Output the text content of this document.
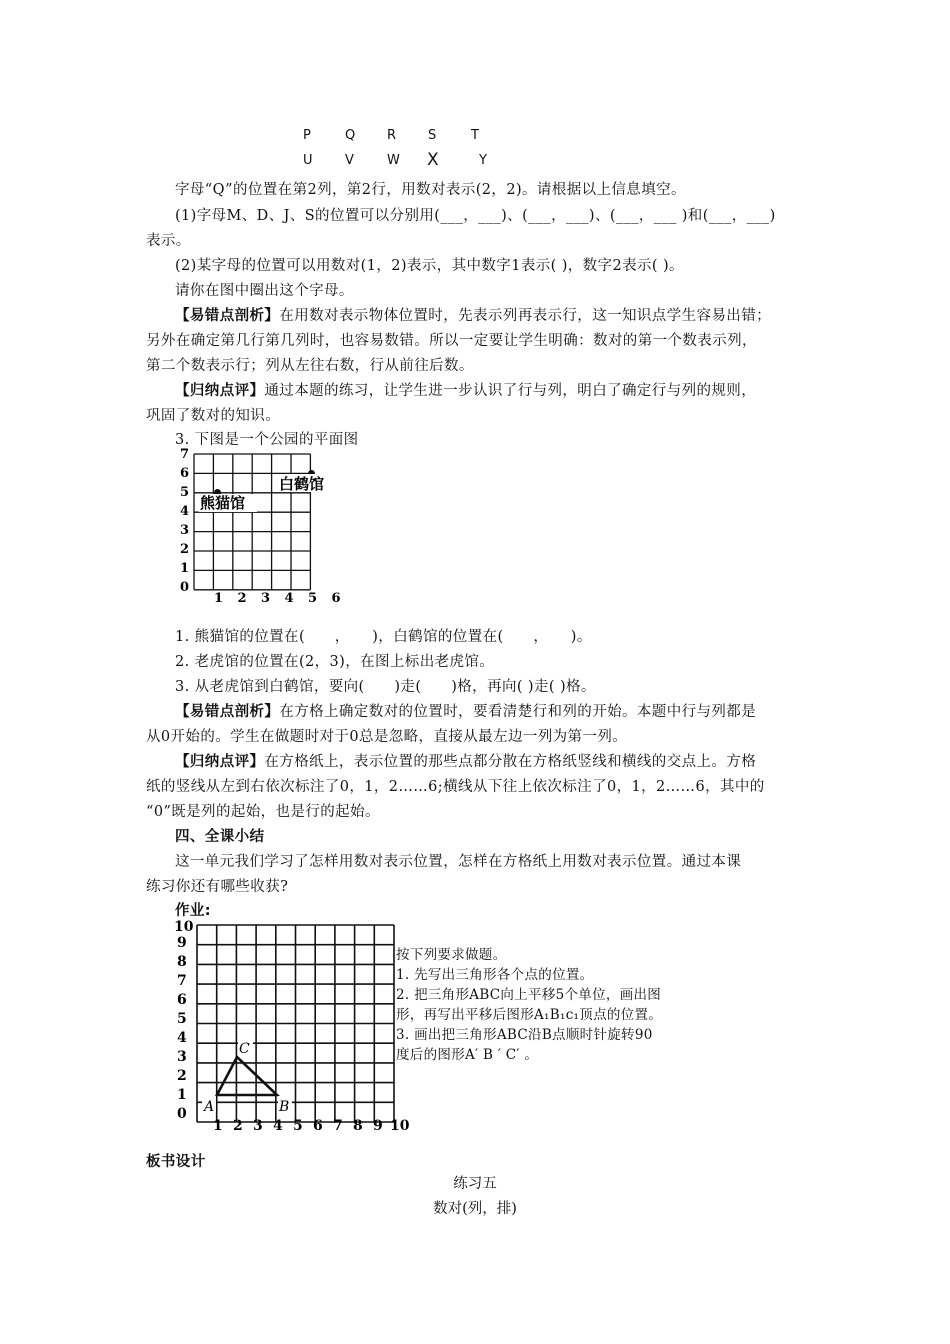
P	Q R S	T
U V	W X	Y
字母“Q”的位置在第2列，第2行，用数对表示(2，2)。请根据以上信息填空。
(1)字母M、D、J、S的位置可以分别用(___，___)、(___，___)、(___，___ )和(___，___)
表示。
(2)某字母的位置可以用数对(1，2)表示，其中数字1表示( )，数字2表示( )。
请你在图中圈出这个字母。
【易错点剖析】在用数对表示物体位置时，先表示列再表示行，这一知识点学生容易出错；
另外在确定第几行第几列时，也容易数错。所以一定要让学生明确：数对的第一个数表示列，
第二个数表示行；列从左往右数，行从前往后数。
【归纳点评】通过本题的练习，让学生进一步认识了行与列，明白了确定行与列的规则，
巩固了数对的知识。
3. 下图是一个公园的平面图
0
1
2
3
4
5
6
7
1 2 3 4 5 6
熊猫馆
白鹤馆
1. 熊猫馆的位置在(　　，　　)，白鹤馆的位置在(　　，　　)。
2. 老虎馆的位置在(2，3)，在图上标出老虎馆。
3. 从老虎馆到白鹤馆，要向(　　)走(　　)格，再向( )走( )格。
【易错点剖析】在方格上确定数对的位置时，要看清楚行和列的开始。本题中行与列都是
从0开始的。学生在做题时对于0总是忽略，直接从最左边一列为第一列。
【归纳点评】在方格纸上，表示位置的那些点都分散在方格纸竖线和横线的交点上。方格
纸的竖线从左到右依次标注了0，1，2……6;横线从下往上依次标注了0，1，2……6，其中的
“0”既是列的起始，也是行的起始。
四、全课小结
这一单元我们学习了怎样用数对表示位置，怎样在方格纸上用数对表示位置。通过本课
练习你还有哪些收获?
作业:
0
1
2
3
4
5
6
7
8
9
10
1 2 3 4 5 6 7 8 9 10
A	B
C
按下列要求做题。
1. 先写出三角形各个点的位置。
2. 把三角形ABC向上平移5个单位，画出图
形，再写出平移后图形A₁B₁c₁顶点的位置。
3. 画出把三角形ABC沿B点顺时针旋转90
度后的图形A′ B ′ C′ 。
板书设计
练习五
数对(列，排)
